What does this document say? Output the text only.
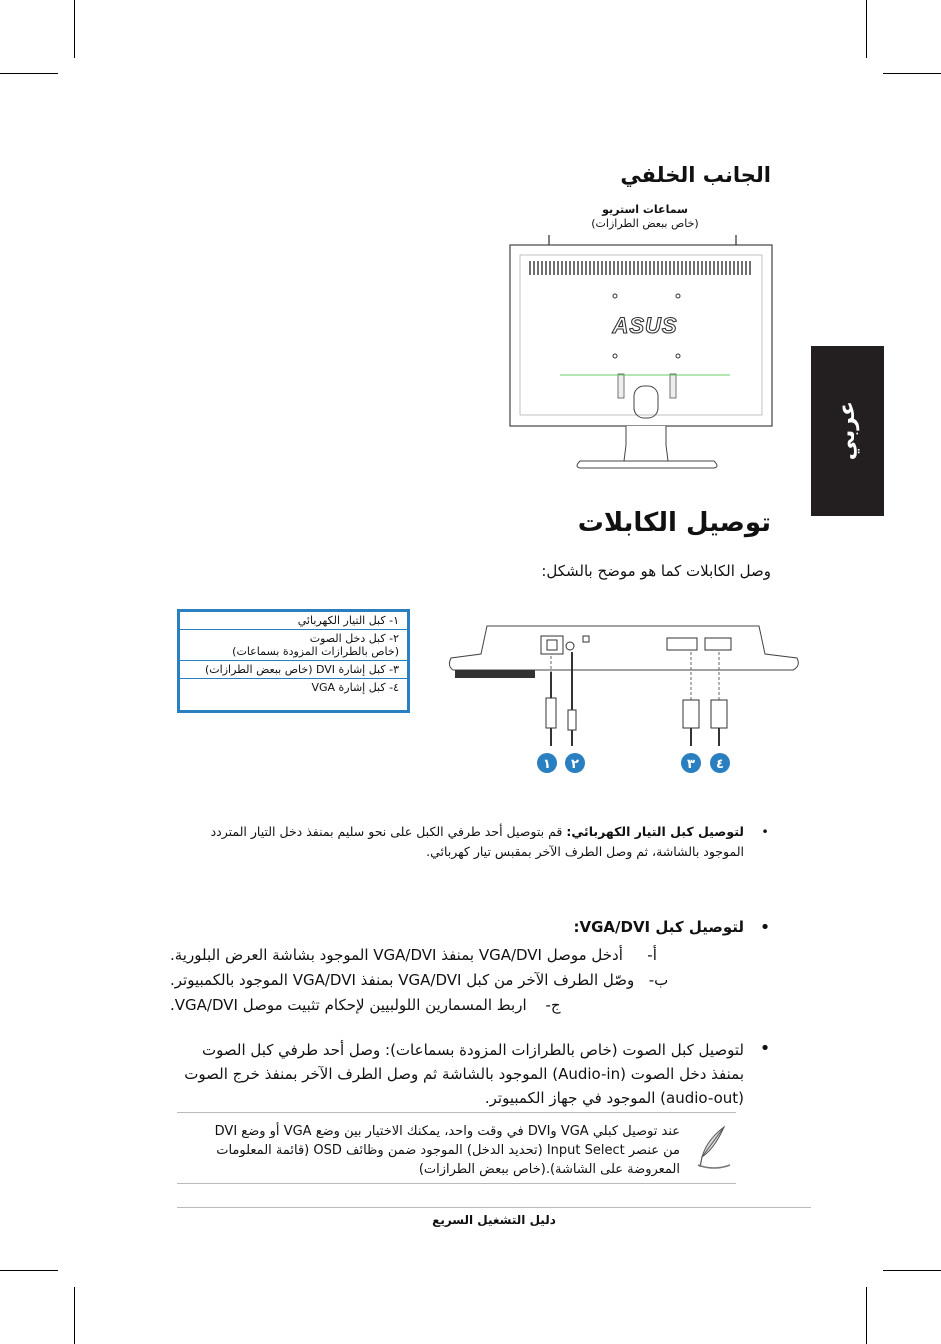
عربي
الجانب الخلفي
سماعات استريو
(خاص ببعض الطرازات)
ASUS
توصيل الكابلات
وصل الكابلات كما هو موضح بالشكل:
١- كبل التيار الكهربائي
٢- كبل دخل الصوت
(خاص بالطرازات المزودة بسماعات)
٣- كبل إشارة DVI (خاص ببعض الطرازات)
٤- كبل إشارة VGA
١ ٢	٣ ٤
•
لتوصيل كبل التيار الكهربائي: قم بتوصيل أحد طرفي الكبل على نحو سليم بمنفذ دخل التيار المتردد الموجود بالشاشة، ثم وصل الطرف الآخر بمقبس تيار كهربائي.
•
لتوصيل كبل VGA/DVI:
أ-
أدخل موصل VGA/DVI بمنفذ VGA/DVI الموجود بشاشة العرض البلورية.
ب-
وصّل الطرف الآخر من كبل VGA/DVI بمنفذ VGA/DVI الموجود بالكمبيوتر.
ج-
اربط المسمارين اللولبيين لإحكام تثبيت موصل VGA/DVI.
•
لتوصيل كبل الصوت (خاص بالطرازات المزودة بسماعات): وصل أحد طرفي كبل الصوت بمنفذ دخل الصوت (Audio-in) الموجود بالشاشة ثم وصل الطرف الآخر بمنفذ خرج الصوت (audio-out) الموجود في جهاز الكمبيوتر.
عند توصيل كبلي VGA وDVI في وقت واحد، يمكنك الاختيار بين وضع VGA أو وضع DVI من عنصر Input Select (تحديد الدخل) الموجود ضمن وظائف OSD (قائمة المعلومات المعروضة على الشاشة).(خاص ببعض الطرازات)
دليل التشغيل السريع
